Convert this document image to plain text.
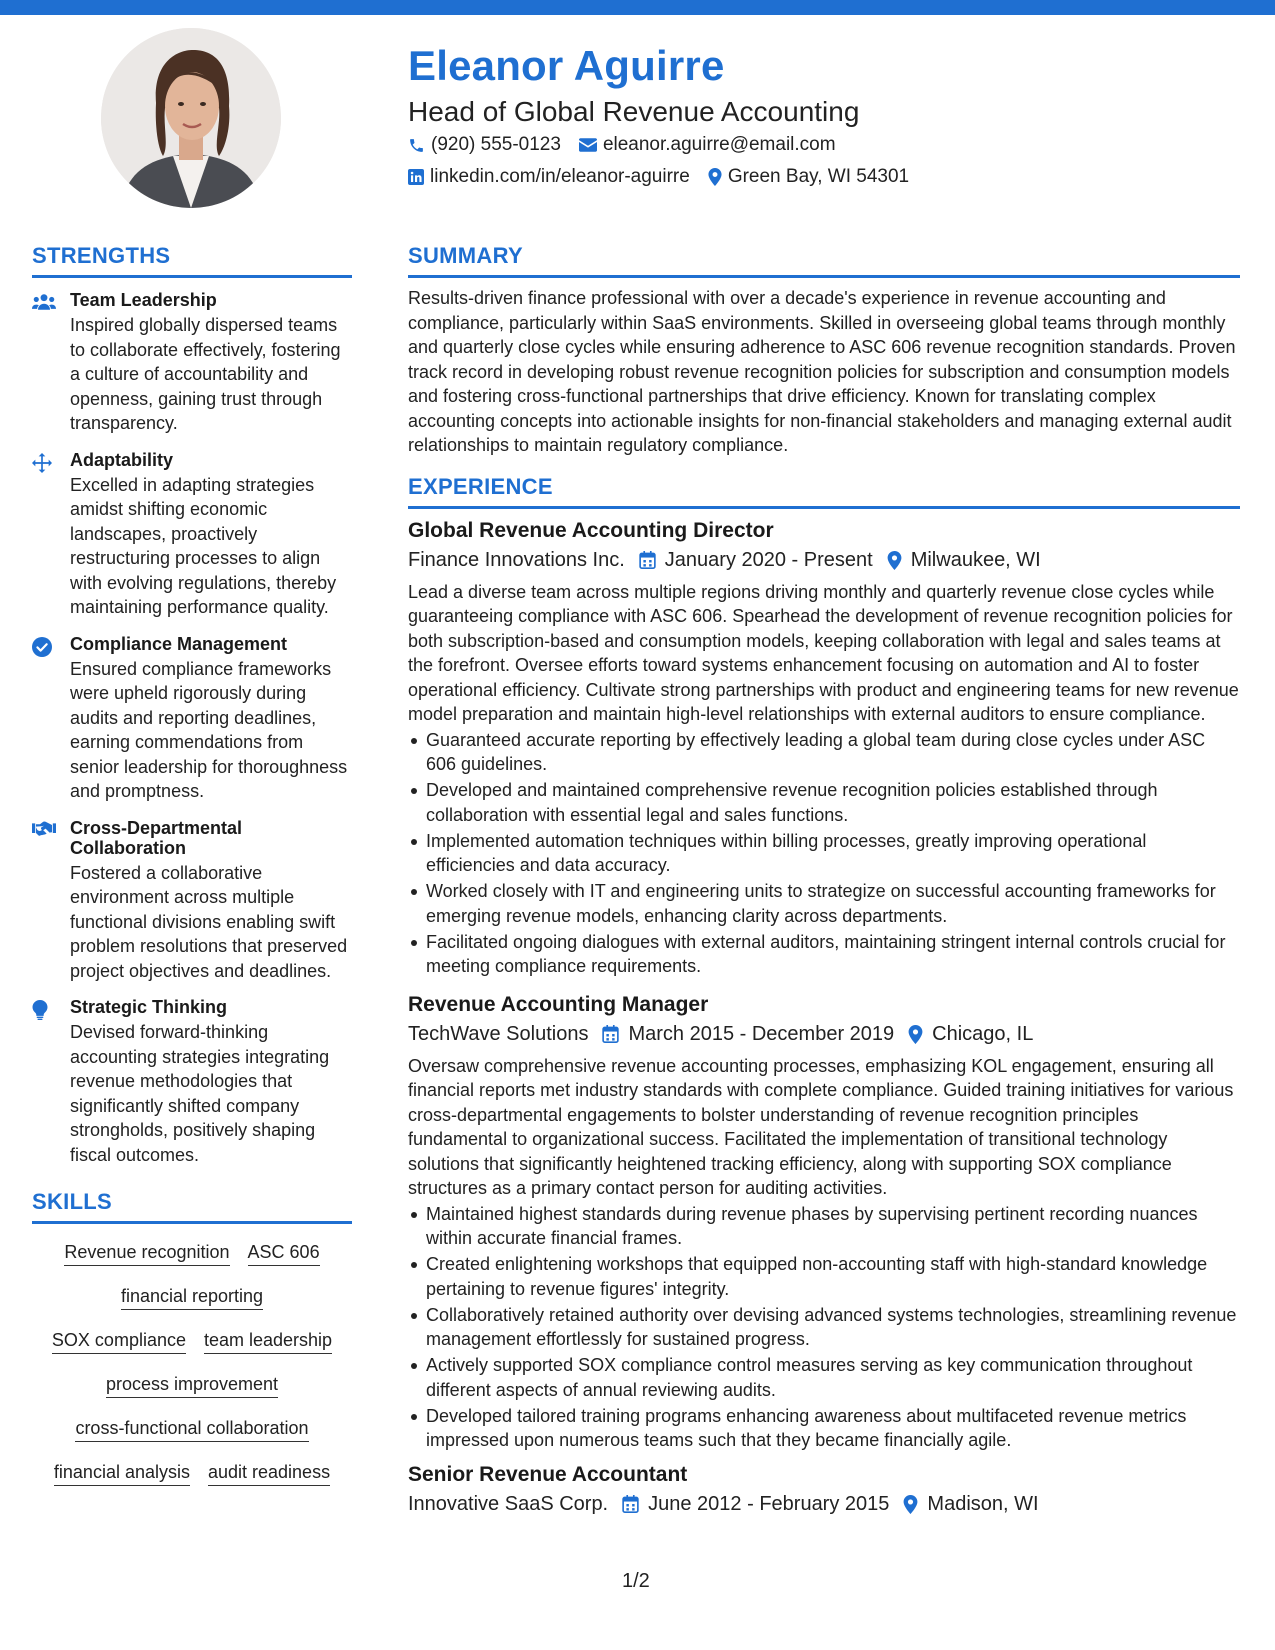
Eleanor Aguirre
Head of Global Revenue Accounting
(920) 555-0123 eleanor.aguirre@email.com
linkedin.com/in/eleanor-aguirre Green Bay, WI 54301
STRENGTHS
Team Leadership
Inspired globally dispersed teams to collaborate effectively, fostering a culture of accountability and openness, gaining trust through transparency.
Adaptability
Excelled in adapting strategies amidst shifting economic landscapes, proactively restructuring processes to align with evolving regulations, thereby maintaining performance quality.
Compliance Management
Ensured compliance frameworks were upheld rigorously during audits and reporting deadlines, earning commendations from senior leadership for thoroughness and promptness.
Cross-Departmental Collaboration
Fostered a collaborative environment across multiple functional divisions enabling swift problem resolutions that preserved project objectives and deadlines.
Strategic Thinking
Devised forward-thinking accounting strategies integrating revenue methodologies that significantly shifted company strongholds, positively shaping fiscal outcomes.
SKILLS
Revenue recognition ASC 606
financial reporting
SOX compliance team leadership
process improvement
cross-functional collaboration
financial analysis audit readiness
SUMMARY
Results-driven finance professional with over a decade's experience in revenue accounting and compliance, particularly within SaaS environments. Skilled in overseeing global teams through monthly and quarterly close cycles while ensuring adherence to ASC 606 revenue recognition standards. Proven track record in developing robust revenue recognition policies for subscription and consumption models and fostering cross-functional partnerships that drive efficiency. Known for translating complex accounting concepts into actionable insights for non-financial stakeholders and managing external audit relationships to maintain regulatory compliance.
EXPERIENCE
Global Revenue Accounting Director
Finance Innovations Inc. January 2020 - Present Milwaukee, WI
Lead a diverse team across multiple regions driving monthly and quarterly revenue close cycles while guaranteeing compliance with ASC 606. Spearhead the development of revenue recognition policies for both subscription-based and consumption models, keeping collaboration with legal and sales teams at the forefront. Oversee efforts toward systems enhancement focusing on automation and AI to foster operational efficiency. Cultivate strong partnerships with product and engineering teams for new revenue model preparation and maintain high-level relationships with external auditors to ensure compliance.
Guaranteed accurate reporting by effectively leading a global team during close cycles under ASC 606 guidelines.
Developed and maintained comprehensive revenue recognition policies established through collaboration with essential legal and sales functions.
Implemented automation techniques within billing processes, greatly improving operational efficiencies and data accuracy.
Worked closely with IT and engineering units to strategize on successful accounting frameworks for emerging revenue models, enhancing clarity across departments.
Facilitated ongoing dialogues with external auditors, maintaining stringent internal controls crucial for meeting compliance requirements.
Revenue Accounting Manager
TechWave Solutions March 2015 - December 2019 Chicago, IL
Oversaw comprehensive revenue accounting processes, emphasizing KOL engagement, ensuring all financial reports met industry standards with complete compliance. Guided training initiatives for various cross-departmental engagements to bolster understanding of revenue recognition principles fundamental to organizational success. Facilitated the implementation of transitional technology solutions that significantly heightened tracking efficiency, along with supporting SOX compliance structures as a primary contact person for auditing activities.
Maintained highest standards during revenue phases by supervising pertinent recording nuances within accurate financial frames.
Created enlightening workshops that equipped non-accounting staff with high-standard knowledge pertaining to revenue figures' integrity.
Collaboratively retained authority over devising advanced systems technologies, streamlining revenue management effortlessly for sustained progress.
Actively supported SOX compliance control measures serving as key communication throughout different aspects of annual reviewing audits.
Developed tailored training programs enhancing awareness about multifaceted revenue metrics impressed upon numerous teams such that they became financially agile.
Senior Revenue Accountant
Innovative SaaS Corp. June 2012 - February 2015 Madison, WI
1/2
